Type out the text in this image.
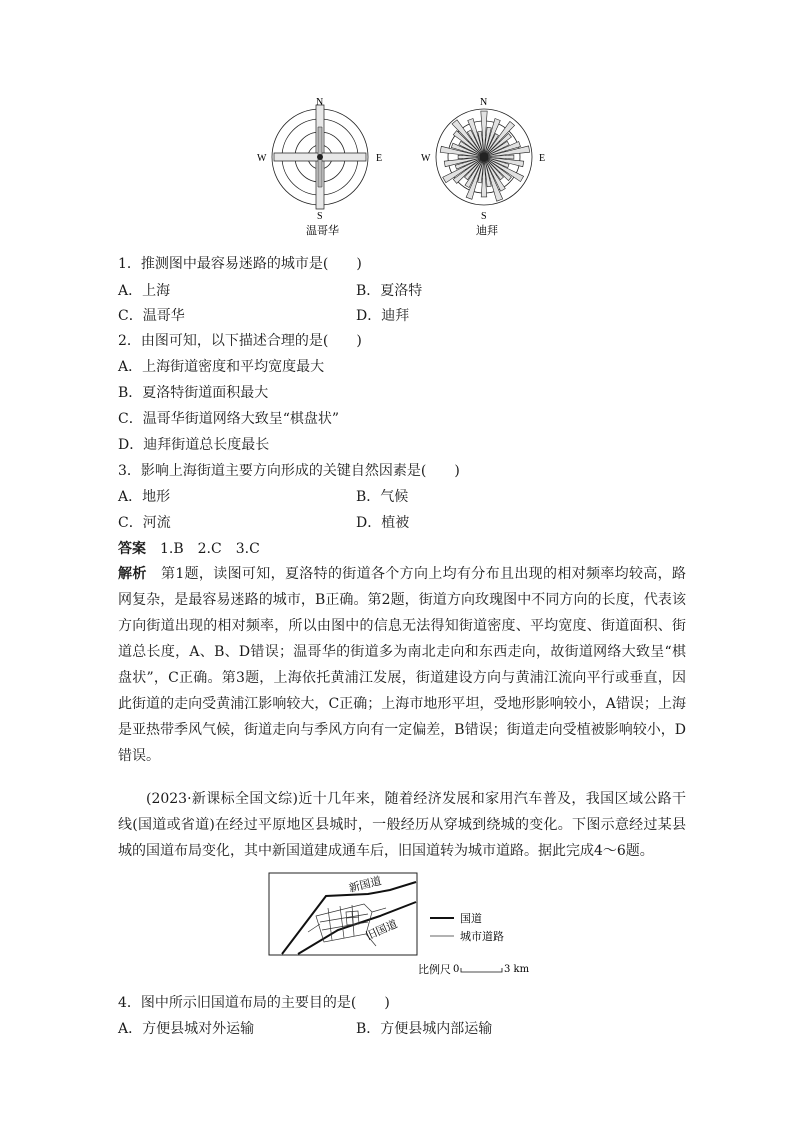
N
S
W	E
温哥华
N
S
W	E
迪拜
1．推测图中最容易迷路的城市是(　　)
A．上海	B．夏洛特
C．温哥华	D．迪拜
2．由图可知，以下描述合理的是(　　)
A．上海街道密度和平均宽度最大
B．夏洛特街道面积最大
C．温哥华街道网络大致呈“棋盘状”
D．迪拜街道总长度最长
3．影响上海街道主要方向形成的关键自然因素是(　　)
A．地形	B．气候
C．河流	D．植被
答案　 1.B　2.C　3.C
解析　 第1题，读图可知，夏洛特的街道各个方向上均有分布且出现的相对频率均较高，路网复杂，是最容易迷路的城市，B正确。第2题，街道方向玫瑰图中不同方向的长度，代表该方向街道出现的相对频率，所以由图中的信息无法得知街道密度、平均宽度、街道面积、街道总长度，A、B、D错误；温哥华的街道多为南北走向和东西走向，故街道网络大致呈“棋盘状”，C正确。第3题，上海依托黄浦江发展，街道建设方向与黄浦江流向平行或垂直，因此街道的走向受黄浦江影响较大，C正确；上海市地形平坦，受地形影响较小，A错误；上海是亚热带季风气候，街道走向与季风方向有一定偏差，B错误；街道走向受植被影响较小，D错误。
(2023·新课标全国文综)近十几年来，随着经济发展和家用汽车普及，我国区域公路干线(国道或省道)在经过平原地区县城时，一般经历从穿城到绕城的变化。下图示意经过某县城的国道布局变化，其中新国道建成通车后，旧国道转为城市道路。据此完成4～6题。
新国道
旧国道	国道
城市道路
比例尺 0	3 km
4．图中所示旧国道布局的主要目的是(　　)
A．方便县城对外运输	B．方便县城内部运输
